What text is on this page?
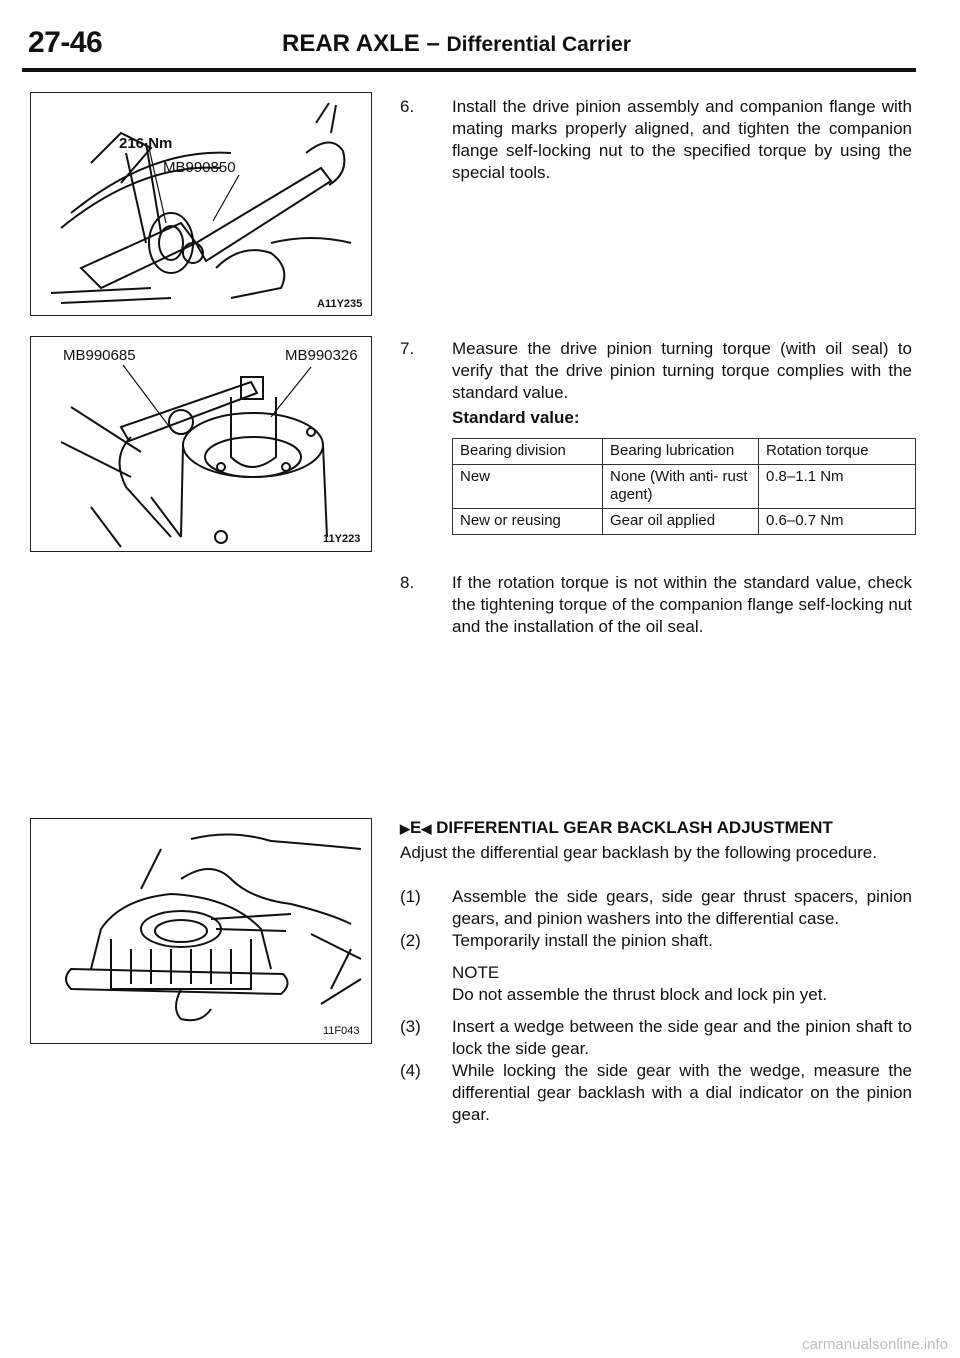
27-46	REAR AXLE – Differential Carrier
216 Nm
MB990850
A11Y235
MB990685	MB990326
11Y223
11F043
6. Install the drive pinion assembly and companion flange with mating marks properly aligned, and tighten the companion flange self-locking nut to the specified torque by using the special tools.
7. Measure the drive pinion turning torque (with oil seal) to verify that the drive pinion turning torque complies with the standard value.
Standard value:
Bearing division	Bearing lubrication	Rotation torque
New	None (With anti- rust agent)	0.8–1.1 Nm
New or reusing	Gear oil applied	0.6–0.7 Nm
8. If the rotation torque is not within the standard value, check the tightening torque of the companion flange self-locking nut and the installation of the oil seal.
▶E◀ DIFFERENTIAL GEAR BACKLASH ADJUSTMENT
Adjust the differential gear backlash by the following procedure.
(1) Assemble the side gears, side gear thrust spacers, pinion gears, and pinion washers into the differential case.
(2) Temporarily install the pinion shaft.
NOTE
Do not assemble the thrust block and lock pin yet.
(3) Insert a wedge between the side gear and the pinion shaft to lock the side gear.
(4) While locking the side gear with the wedge, measure the differential gear backlash with a dial indicator on the pinion gear.
carmanualsonline.info
